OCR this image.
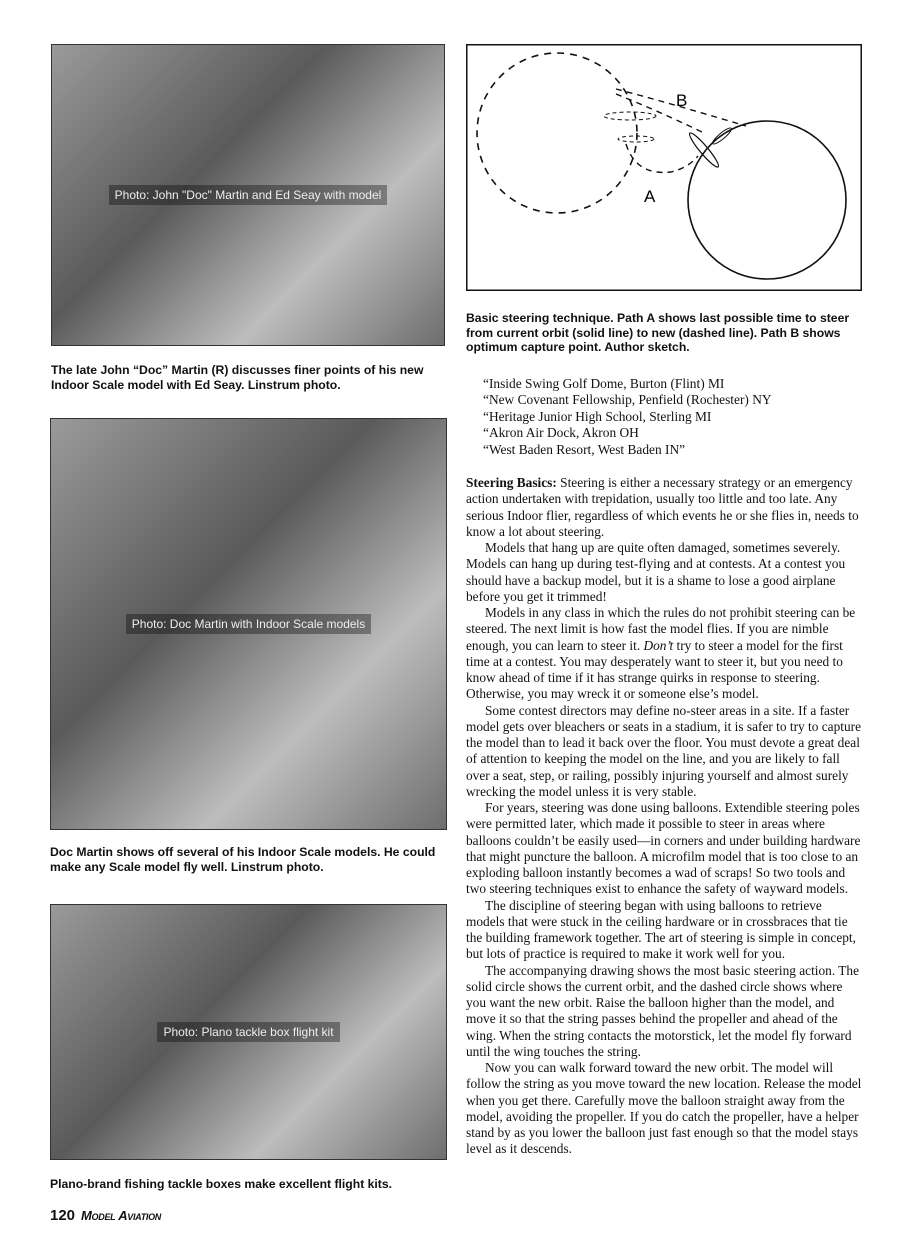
Photo: John "Doc" Martin and Ed Seay with model
The late John “Doc” Martin (R) discusses finer points of his new Indoor Scale model with Ed Seay. Linstrum photo.
Photo: Doc Martin with Indoor Scale models
Doc Martin shows off several of his Indoor Scale models. He could make any Scale model fly well. Linstrum photo.
Photo: Plano tackle box flight kit
Plano-brand fishing tackle boxes make excellent flight kits.
B
A
Basic steering technique. Path A shows last possible time to steer from current orbit (solid line) to new (dashed line). Path B shows optimum capture point. Author sketch.
“Inside Swing Golf Dome, Burton (Flint) MI
“New Covenant Fellowship, Penfield (Rochester) NY
“Heritage Junior High School, Sterling MI
“Akron Air Dock, Akron OH
“West Baden Resort, West Baden IN”

Steering Basics: Steering is either a necessary strategy or an emergency action undertaken with trepidation, usually too little and too late. Any serious Indoor flier, regardless of which events he or she flies in, needs to know a lot about steering.

Models that hang up are quite often damaged, sometimes severely. Models can hang up during test-flying and at contests. At a contest you should have a backup model, but it is a shame to lose a good airplane before you get it trimmed!

Models in any class in which the rules do not prohibit steering can be steered. The next limit is how fast the model flies. If you are nimble enough, you can learn to steer it. Don’t try to steer a model for the first time at a contest. You may desperately want to steer it, but you need to know ahead of time if it has strange quirks in response to steering. Otherwise, you may wreck it or someone else’s model.

Some contest directors may define no-steer areas in a site. If a faster model gets over bleachers or seats in a stadium, it is safer to try to capture the model than to lead it back over the floor. You must devote a great deal of attention to keeping the model on the line, and you are likely to fall over a seat, step, or railing, possibly injuring yourself and almost surely wrecking the model unless it is very stable.

For years, steering was done using balloons. Extendible steering poles were permitted later, which made it possible to steer in areas where balloons couldn’t be easily used—in corners and under building hardware that might puncture the balloon. A microfilm model that is too close to an exploding balloon instantly becomes a wad of scraps! So two tools and two steering techniques exist to enhance the safety of wayward models.

The discipline of steering began with using balloons to retrieve models that were stuck in the ceiling hardware or in crossbraces that tie the building framework together. The art of steering is simple in concept, but lots of practice is required to make it work well for you.

The accompanying drawing shows the most basic steering action. The solid circle shows the current orbit, and the dashed circle shows where you want the new orbit. Raise the balloon higher than the model, and move it so that the string passes behind the propeller and ahead of the wing. When the string contacts the motorstick, let the model fly forward until the wing touches the string.

Now you can walk forward toward the new orbit. The model will follow the string as you move toward the new location. Release the model when you get there. Carefully move the balloon straight away from the model, avoiding the propeller. If you do catch the propeller, have a helper stand by as you lower the balloon just fast enough so that the model stays level as it descends.

120 Model Aviation
